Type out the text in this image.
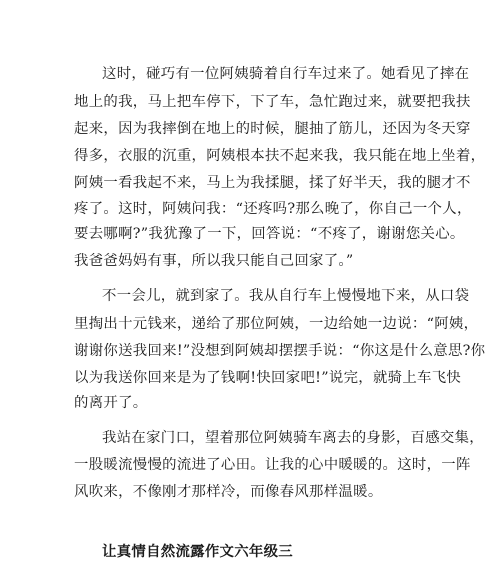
这时，碰巧有一位阿姨骑着自行车过来了。她看见了摔在
地上的我，马上把车停下，下了车，急忙跑过来，就要把我扶
起来，因为我摔倒在地上的时候，腿抽了筋儿，还因为冬天穿
得多，衣服的沉重，阿姨根本扶不起来我，我只能在地上坐着，
阿姨一看我起不来，马上为我揉腿，揉了好半天，我的腿才不
疼了。这时，阿姨问我：“还疼吗?那么晚了，你自己一个人，
要去哪啊?”我犹豫了一下，回答说：“不疼了，谢谢您关心。
我爸爸妈妈有事，所以我只能自己回家了。”
不一会儿，就到家了。我从自行车上慢慢地下来，从口袋
里掏出十元钱来，递给了那位阿姨，一边给她一边说：“阿姨，
谢谢你送我回来!”没想到阿姨却摆摆手说：“你这是什么意思?你
以为我送你回来是为了钱啊!快回家吧!”说完，就骑上车飞快
的离开了。
我站在家门口，望着那位阿姨骑车离去的身影，百感交集，
一股暖流慢慢的流进了心田。让我的心中暖暖的。这时，一阵
风吹来，不像刚才那样冷，而像春风那样温暖。
让真情自然流露作文六年级三
